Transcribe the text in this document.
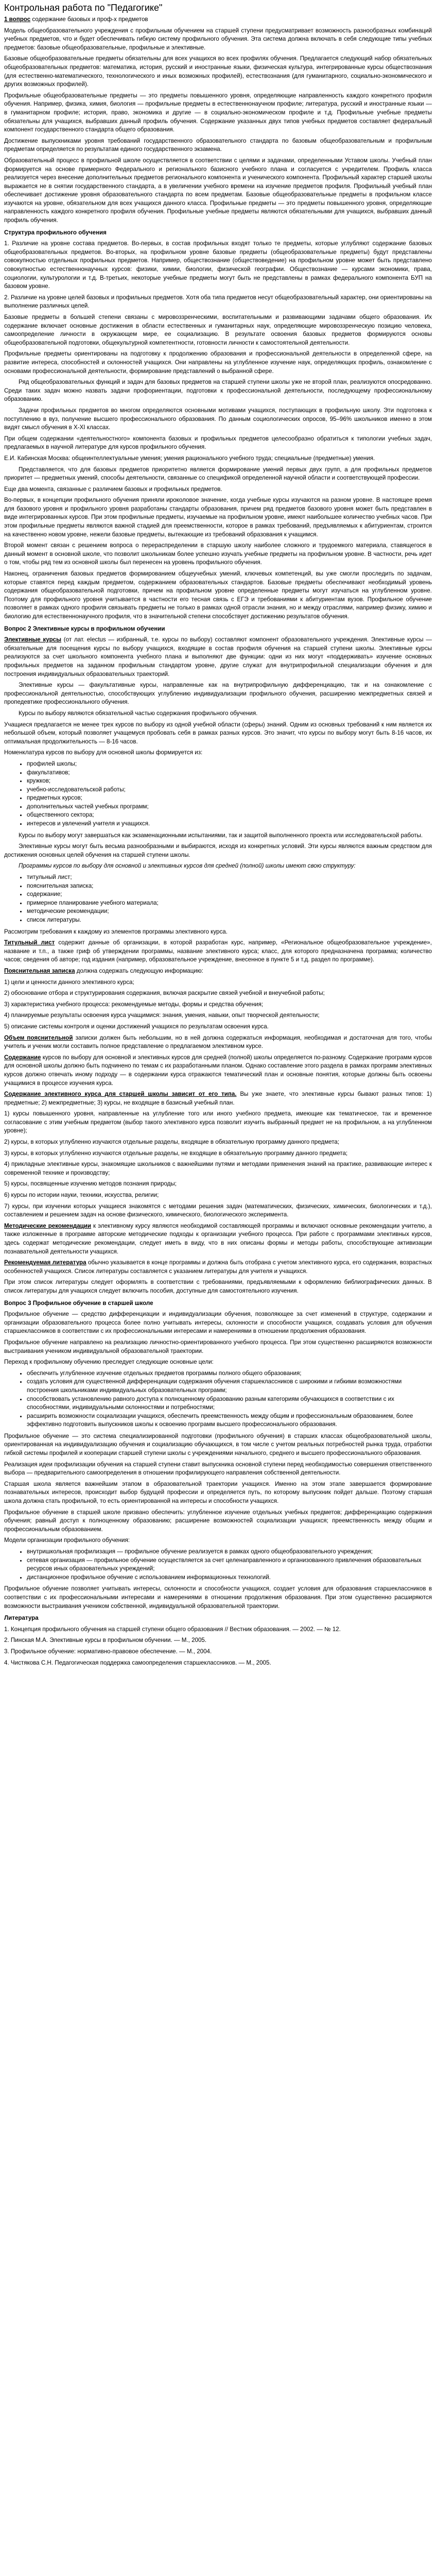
Контрольная работа по "Педагогике"
1 вопрос содержание базовых и проф-х предметов
Модель общеобразовательного учреждения с профильным обучением на старшей ступени предусматривает возможность разнообразных комбинаций учебных предметов, что и будет обеспечивать гибкую систему профильного обучения. Эта система должна включать в себя следующие типы учебных предметов: базовые общеобразовательные, профильные и элективные.
Базовые общеобразовательные предметы обязательны для всех учащихся во всех профилях обучения. Предлагается следующий набор обязательных общеобразовательных предметов: математика, история, русский и иностранные языки, физическая культура, интегрированные курсы обществознания (для естественно-математического, технологического и иных возможных профилей), естествознания (для гуманитарного, социально-экономического и других возможных профилей).
Профильные общеобразовательные предметы — это предметы повышенного уровня, определяющие направленность каждого конкретного профиля обучения. Например, физика, химия, биология — профильные предметы в естественнонаучном профиле; литература, русский и иностранные языки — в гуманитарном профиле; история, право, экономика и другие — в социально-экономическом профиле и т.д. Профильные учебные предметы обязательны для учащихся, выбравших данный профиль обучения. Содержание указанных двух типов учебных предметов составляет федеральный компонент государственного стандарта общего образования.
Достижение выпускниками уровня требований государственного образовательного стандарта по базовым общеобразовательным и профильным предметам определяется по результатам единого государственного экзамена.
Образовательный процесс в профильной школе осуществляется в соответствии с целями и задачами, определенными Уставом школы. Учебный план формируется на основе примерного Федерального и регионального базисного учебного плана и согласуется с учредителем. Профиль класса реализуется через внесение дополнительных предметов регионального компонента и ученического компонента. Профильный характер старшей школы выражается не в снятии государственного стандарта, а в увеличении учебного времени на изучение предметов профиля. Профильный учебный план обеспечивает достижение уровня образовательного стандарта по всем предметам. Базовые общеобразовательные предметы в профильном классе изучаются на уровне, обязательном для всех учащихся данного класса. Профильные предметы — это предметы повышенного уровня, определяющие направленность каждого конкретного профиля обучения. Профильные учебные предметы являются обязательными для учащихся, выбравших данный профиль обучения.
Структура профильного обучения
1. Различие на уровне состава предметов. Во-первых, в состав профильных входят только те предметы, которые углубляют содержание базовых общеобразовательных предметов. Во-вторых, на профильном уровне базовые предметы (общеобразовательные предметы) будут представлены совокупностью отдельных профильных предметов. Например, обществознание (обществоведение) на профильном уровне может быть представлено совокупностью естественнонаучных курсов: физики, химии, биологии, физической географии. Обществознание — курсами экономики, права, социологии, культурологии и т.д. В-третьих, некоторые учебные предметы могут быть не представлены в рамках федерального компонента БУП на базовом уровне.
2. Различие на уровне целей базовых и профильных предметов. Хотя оба типа предметов несут общеобразовательный характер, они ориентированы на выполнение различных целей.
Базовые предметы в большей степени связаны с мировоззренческими, воспитательными и развивающими задачами общего образования. Их содержание включает основные достижения в области естественных и гуманитарных наук, определяющие мировоззренческую позицию человека, самоопределение личности в окружающем мире, ее социализацию. В результате освоения базовых предметов формируются основы общеобразовательной подготовки, общекультурной компетентности, готовности личности к самостоятельной деятельности.
Профильные предметы ориентированы на подготовку к продолжению образования и профессиональной деятельности в определенной сфере, на развитие интереса, способностей и склонностей учащихся. Они направлены на углубленное изучение наук, определяющих профиль, ознакомление с основами профессиональной деятельности, формирование представлений о выбранной сфере.
Ряд общеобразовательных функций и задач для базовых предметов на старшей ступени школы уже не второй план, реализуются опосредованно. Среди таких задач можно назвать задачи профориентации, подготовки к профессиональной деятельности, последующему профессиональному образованию.
Задачи профильных предметов во многом определяются основными мотивами учащихся, поступающих в профильную школу. Эти подготовка к поступлению в вуз, получение высшего профессионального образования. По данным социологических опросов, 95–96% школьников именно в этом видят смысл обучения в X-XI классах.
При общем содержании «деятельностного» компонента базовых и профильных предметов целесообразно обратиться к типологии учебных задач, предлагаемых в научной литературе для курсов профильного обучения.
Е.И. Кабинская Москва: общеинтеллектуальные умения; умения рационального учебного труда; специальные (предметные) умения.
Представляется, что для базовых предметов приоритетно является формирование умений первых двух групп, а для профильных предметов приоритет — предметных умений, способы деятельности, связанные со спецификой определенной научной области и соответствующей профессии.
Еще два момента, связанные с различием базовых и профильных предметов.
Во-первых, в концепции профильного обучения приняли ироколовое значение, когда учебные курсы изучаются на разном уровне. В настоящее время для базового уровня и профильного уровня разработаны стандарты образования, причем ряд предметов базового уровня может быть представлен в виде интегрированных курсов. При этом профильные предметы, изучаемые на профильном уровне, имеют наибольшее количество учебных часов. При этом профильные предметы являются важной стадией для преемственности, которое в рамках требований, предъявляемых к абитуриентам, строится на качественно новом уровне, нежели базовые предметы, вытекающие из требований образования к учащимся.
Второй момент связан с решением вопроса о перераспределении в старшую школу наиболее сложного и трудоемкого материала, ставящегося в данный момент в основной школе, что позволит школьникам более успешно изучать учебные предметы на профильном уровне. В частности, речь идет о том, чтобы ряд тем из основной школы был перенесен на уровень профильного обучения.
Наконец, ограничения базовых предметов формированием общеучебных умений, ключевых компетенций, вы уже смогли проследить по задачам, которые ставятся перед каждым предметом, содержанием образовательных стандартов. Базовые предметы обеспечивают необходимый уровень содержания общеобразовательной подготовки, причем на профильном уровне определенные предметы могут изучаться на углубленном уровне. Поэтому для профильного уровня учитывается в частности его тесная связь с ЕГЭ и требованиями к абитуриентам вузов. Профильное обучение позволяет в рамках одного профиля связывать предметы не только в рамках одной отрасли знания, но и между отраслями, например физику, химию и биологию для естественнонаучного профиля, что в значительной степени способствует достижению результатов обучения.
Вопрос 2 Элективные курсы в профильном обучении
Элективные курсы (от лат. electus — избранный, т.е. курсы по выбору) составляют компонент образовательного учреждения. Элективные курсы — обязательные для посещения курсы по выбору учащихся, входящие в состав профиля обучения на старшей ступени школы. Элективные курсы реализуются за счет школьного компонента учебного плана и выполняют две функции: одни из них могут «поддерживать» изучение основных профильных предметов на заданном профильным стандартом уровне, другие служат для внутрипрофильной специализации обучения и для построения индивидуальных образовательных траекторий.
Элективные курсы — факультативные курсы, направленные как на внутрипрофильную дифференциацию, так и на ознакомление с профессиональной деятельностью, способствующих углублению индивидуализации профильного обучения, расширению межпредметных связей и пропедевтике профессионального обучения.
Курсы по выбору являются обязательной частью содержания профильного обучения.
Учащиеся предлагается не менее трех курсов по выбору из одной учебной области (сферы) знаний. Одним из основных требований к ним является их небольшой объем, который позволяет учащемуся пробовать себя в рамках разных курсов. Это значит, что курсы по выбору могут быть 8-16 часов, их оптимальная продолжительность — 8-16 часов.
Номенклатура курсов по выбору для основной школы формируется из:
• профилей школы;
• факультативов;
• кружков;
• учебно-исследовательской работы;
• предметных курсов;
• дополнительных частей учебных программ;
• общественного сектора;
• интересов и увлечений учителя и учащихся.
Курсы по выбору могут завершаться как экзаменационными испытаниями, так и защитой выполненного проекта или исследовательской работы.
Элективные курсы могут быть весьма разнообразными и выбираются, исходя из конкретных условий. Эти курсы являются важным средством для достижения основных целей обучения на старшей ступени школы.
Программы курсов по выбору для основной и элективных курсов для средней (полной) школы имеют свою структуру:
• титульный лист;
• пояснительная записка;
• содержание;
• примерное планирование учебного материала;
• методические рекомендации;
• список литературы.
Рассмотрим требования к каждому из элементов программы элективного курса.
Титульный лист содержит данные об организации, в которой разработан курс, например, «Региональное общеобразовательное учреждение», название и т.п., а также гриф об утверждении программы, название элективного курса; класс, для которого предназначена программа; количество часов; сведения об авторе; год издания (например, образовательное учреждение, внесенное в пункте 5 и т.д. раздел по программе).
Пояснительная записка должна содержать следующую информацию:
1) цели и ценности данного элективного курса;
2) обоснование отбора и структурирования содержания, включая раскрытие связей учебной и внеучебной работы;
3) характеристика учебного процесса: рекомендуемые методы, формы и средства обучения;
4) планируемые результаты освоения курса учащимися: знания, умения, навыки, опыт творческой деятельности;
5) описание системы контроля и оценки достижений учащихся по результатам освоения курса.
Объем пояснительной записки должен быть небольшим, но в ней должна содержаться информация, необходимая и достаточная для того, чтобы учитель и ученик могли составить полное представление о предлагаемом элективном курсе.
Содержание курсов по выбору для основной и элективных курсов для средней (полной) школы определяется по-разному. Содержание программ курсов для основной школы должно быть подчинено по темам с их разработанными планом. Однако составление этого раздела в рамках программ элективных курсов должно отвечать иному подходу — в содержании курса отражаются тематический план и основные понятия, которые должны быть освоены учащимися в процессе изучения курса.
Содержание элективного курса для старшей школы зависит от его типа. Вы уже знаете, что элективные курсы бывают разных типов: 1) предметные; 2) межпредметные; 3) курсы, не входящие в базисный учебный план.
1) курсы повышенного уровня, направленные на углубление того или иного учебного предмета, имеющие как тематическое, так и временное согласование с этим учебным предметом (выбор такого элективного курса позволит изучить выбранный предмет не на профильном, а на углубленном уровне);
2) курсы, в которых углубленно изучаются отдельные разделы, входящие в обязательную программу данного предмета;
3) курсы, в которых углубленно изучаются отдельные разделы, не входящие в обязательную программу данного предмета;
4) прикладные элективные курсы, знакомящие школьников с важнейшими путями и методами применения знаний на практике, развивающие интерес к современной технике и производству;
5) курсы, посвященные изучению методов познания природы;
6) курсы по истории науки, техники, искусства, религии;
7) курсы, при изучении которых учащиеся знакомятся с методами решения задач (математических, физических, химических, биологических и т.д.), составлением и решением задач на основе физического, химического, биологического эксперимента.
Методические рекомендации к элективному курсу являются необходимой составляющей программы и включают основные рекомендации учителю, а также изложенные в программе авторские методические подходы к организации учебного процесса. При работе с программами элективных курсов, здесь содержат методические рекомендации, следует иметь в виду, что в них описаны формы и методы работы, способствующие активизации познавательной деятельности учащихся.
Рекомендуемая литература обычно указывается в конце программы и должна быть отобрана с учетом элективного курса, его содержания, возрастных особенностей учащихся. Список литературы составляется с указанием литературы для учителя и учащихся.
При этом список литературы следует оформлять в соответствии с требованиями, предъявляемыми к оформлению библиографических данных. В список литературы для учащихся следует включить пособия, доступные для самостоятельного изучения.
Вопрос 3 Профильное обучение в старшей школе
Профильное обучение — средство дифференциации и индивидуализации обучения, позволяющее за счет изменений в структуре, содержании и организации образовательного процесса более полно учитывать интересы, склонности и способности учащихся, создавать условия для обучения старшеклассников в соответствии с их профессиональными интересами и намерениями в отношении продолжения образования.
Профильное обучение направлено на реализацию личностно-ориентированного учебного процесса. При этом существенно расширяются возможности выстраивания учеником индивидуальной образовательной траектории.
Переход к профильному обучению преследует следующие основные цели:
• обеспечить углубленное изучение отдельных предметов программы полного общего образования;
• создать условия для существенной дифференциации содержания обучения старшеклассников с широкими и гибкими возможностями построения школьниками индивидуальных образовательных программ;
• способствовать установлению равного доступа к полноценному образованию разным категориям обучающихся в соответствии с их способностями, индивидуальными склонностями и потребностями;
• расширить возможности социализации учащихся, обеспечить преемственность между общим и профессиональным образованием, более эффективно подготовить выпускников школы к освоению программ высшего профессионального образования.
Профильное обучение — это система специализированной подготовки (профильного обучения) в старших классах общеобразовательной школы, ориентированная на индивидуализацию обучения и социализацию обучающихся, в том числе с учетом реальных потребностей рынка труда, отработки гибкой системы профилей и кооперации старшей ступени школы с учреждениями начального, среднего и высшего профессионального образования.
Реализация идеи профилизации обучения на старшей ступени ставит выпускника основной ступени перед необходимостью совершения ответственного выбора — предварительного самоопределения в отношении профилирующего направления собственной деятельности.
Старшая школа является важнейшим этапом в образовательной траектории учащихся. Именно на этом этапе завершается формирование познавательных интересов, происходит выбор будущей профессии и определяется путь, по которому выпускник пойдет дальше. Поэтому старшая школа должна стать профильной, то есть ориентированной на интересы и способности учащихся.
Профильное обучение в старшей школе призвано обеспечить: углубленное изучение отдельных учебных предметов; дифференциацию содержания обучения; равный доступ к полноценному образованию; расширение возможностей социализации учащихся; преемственность между общим и профессиональным образованием.
Модели организации профильного обучения:
• внутришкольная профилизация — профильное обучение реализуется в рамках одного общеобразовательного учреждения;
• сетевая организация — профильное обучение осуществляется за счет целенаправленного и организованного привлечения образовательных ресурсов иных образовательных учреждений;
• дистанционное профильное обучение с использованием информационных технологий.
Профильное обучение позволяет учитывать интересы, склонности и способности учащихся, создает условия для образования старшеклассников в соответствии с их профессиональными интересами и намерениями в отношении продолжения образования. При этом существенно расширяются возможности выстраивания учеником собственной, индивидуальной образовательной траектории.
Литература
1. Концепция профильного обучения на старшей ступени общего образования // Вестник образования. — 2002. — № 12.
2. Пинская М.А. Элективные курсы в профильном обучении. — М., 2005.
3. Профильное обучение: нормативно-правовое обеспечение. — М., 2004.
4. Чистякова С.Н. Педагогическая поддержка самоопределения старшеклассников. — М., 2005.
